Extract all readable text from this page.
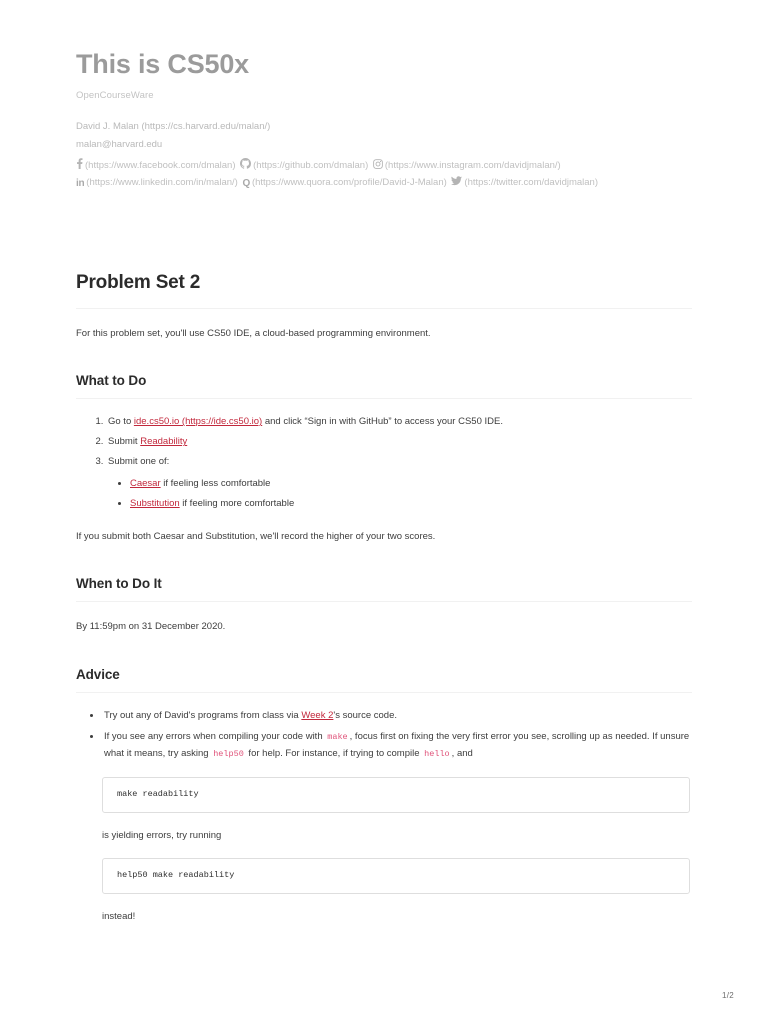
This is CS50x
OpenCourseWare
David J. Malan (https://cs.harvard.edu/malan/)
malan@harvard.edu
(https://www.facebook.com/dmalan) (https://github.com/dmalan) (https://www.instagram.com/davidjmalan/) in (https://www.linkedin.com/in/malan/) Q (https://www.quora.com/profile/David-J-Malan) (https://twitter.com/davidjmalan)
Problem Set 2

For this problem set, you'll use CS50 IDE, a cloud-based programming environment.

What to Do
1. Go to ide.cs50.io (https://ide.cs50.io) and click “Sign in with GitHub” to access your CS50 IDE.
2. Submit Readability
3. Submit one of:
• Caesar if feeling less comfortable
• Substitution if feeling more comfortable

If you submit both Caesar and Substitution, we'll record the higher of your two scores.

When to Do It

By 11:59pm on 31 December 2020.

Advice
• Try out any of David's programs from class via Week 2's source code.
• If you see any errors when compiling your code with make , focus first on fixing the very first error you see, scrolling up as needed. If unsure what it means, try asking help50 for help. For instance, if trying to compile hello , and
make readability

is yielding errors, try running

help50 make readability

instead!

1/2
